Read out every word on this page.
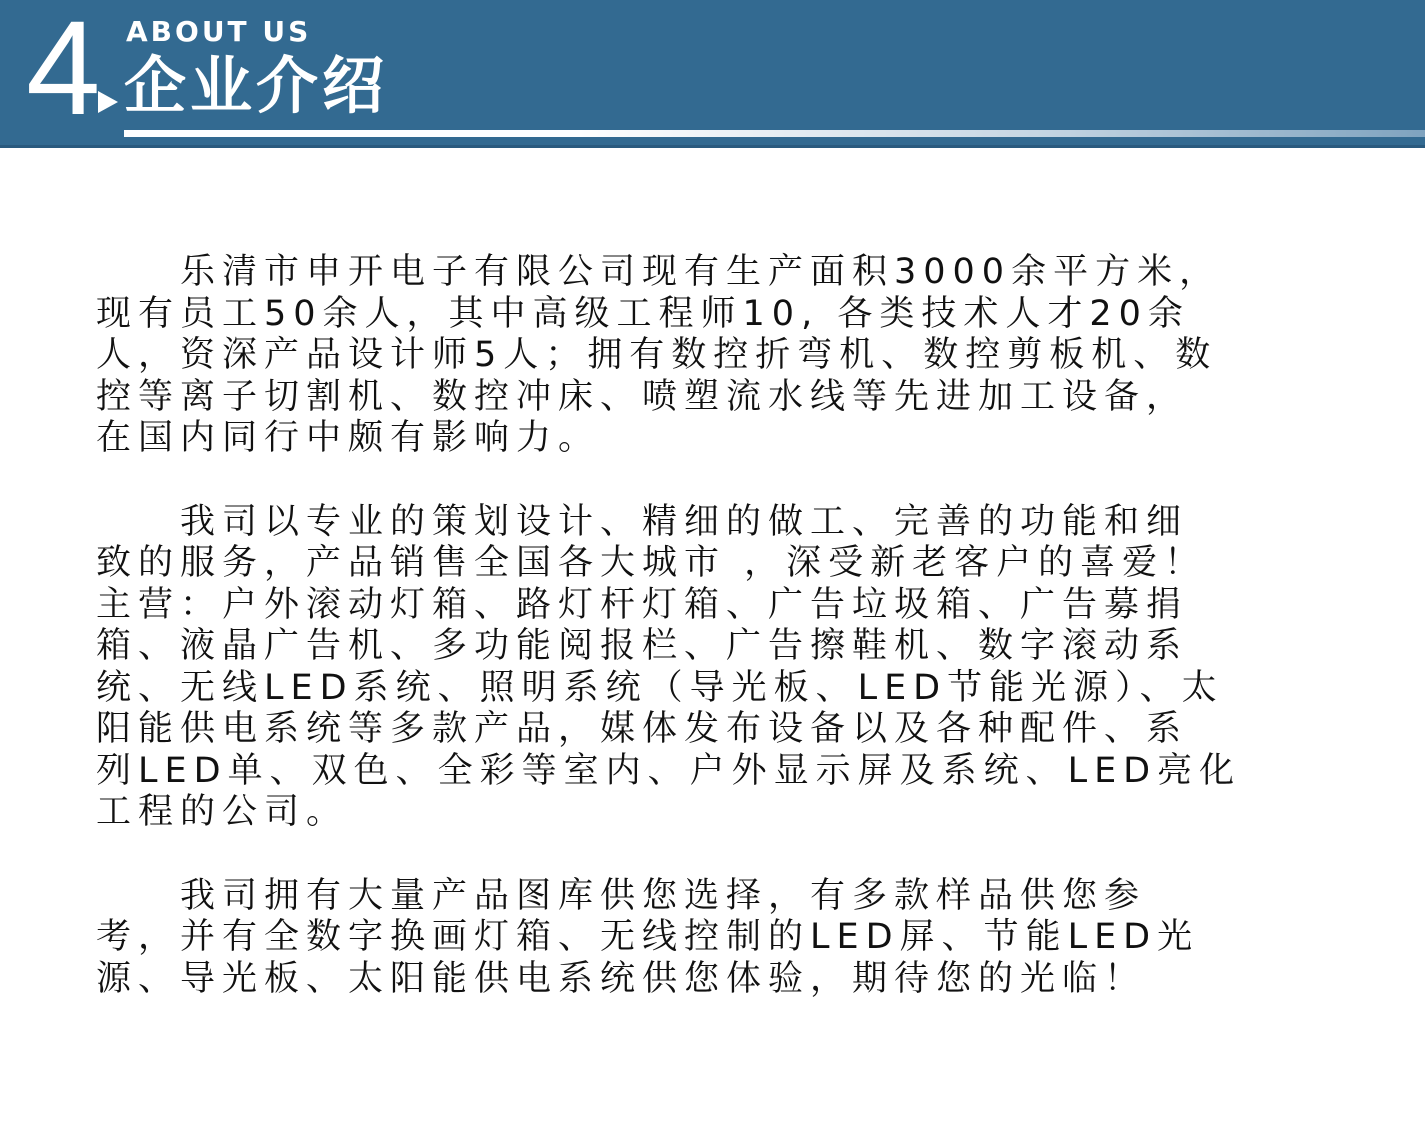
4 ABOUT US
企业介绍

乐清市申开电子有限公司现有生产面积3000余平方米，
现有员工50余人，其中高级工程师10, 各类技术人才20余
人，资深产品设计师5人；拥有数控折弯机、数控剪板机、数
控等离子切割机、数控冲床、喷塑流水线等先进加工设备，
在国内同行中颇有影响力。

我司以专业的策划设计、精细的做工、完善的功能和细
致的服务，产品销售全国各大城市 ，深受新老客户的喜爱！
主营：户外滚动灯箱、路灯杆灯箱、广告垃圾箱、广告募捐
箱、液晶广告机、多功能阅报栏、广告擦鞋机、数字滚动系
统、无线LED系统、照明系统（导光板、LED节能光源）、太
阳能供电系统等多款产品，媒体发布设备以及各种配件、系
列LED单、双色、全彩等室内、户外显示屏及系统、LED亮化
工程的公司。

我司拥有大量产品图库供您选择，有多款样品供您参
考，并有全数字换画灯箱、无线控制的LED屏、节能LED光
源、导光板、太阳能供电系统供您体验，期待您的光临！
